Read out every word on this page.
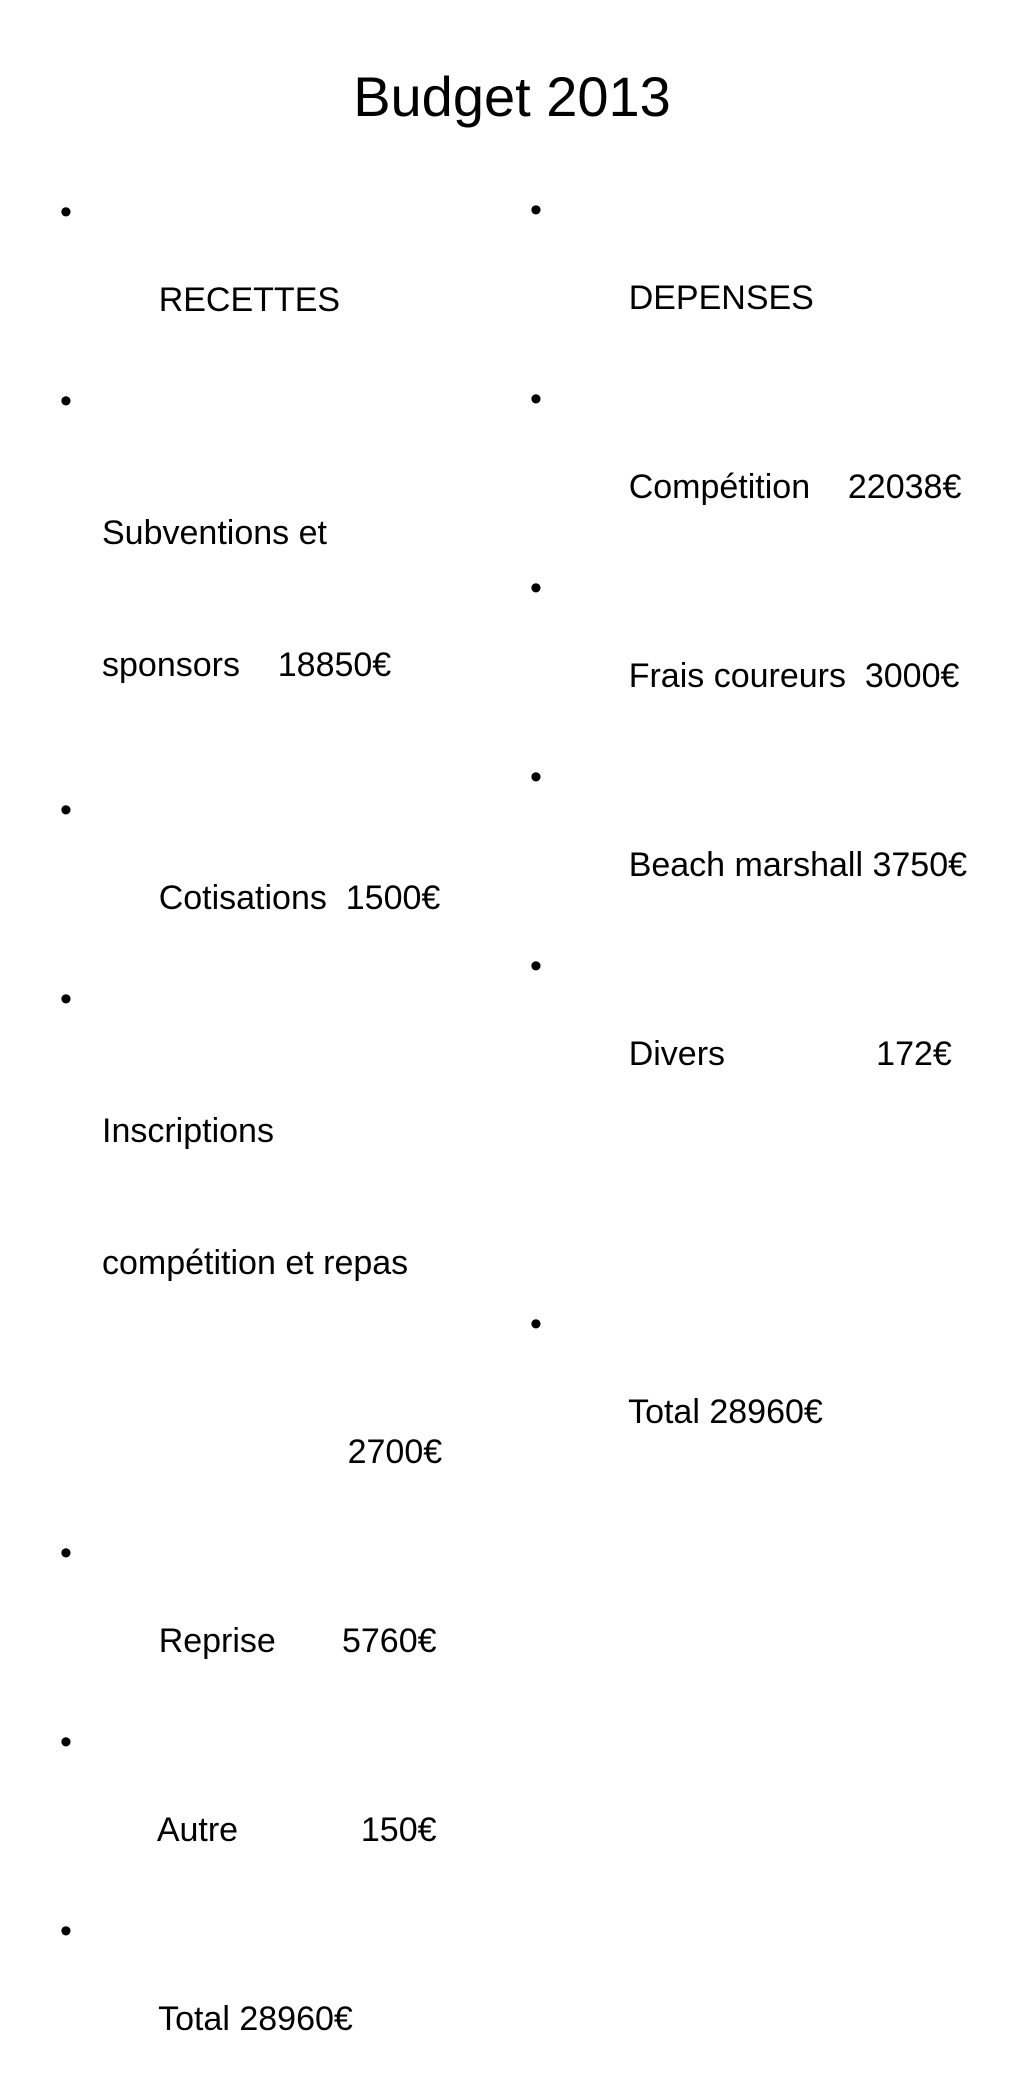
Budget 2013

•

RECETTES

•

Subventions et

sponsors    18850€

•

Cotisations  1500€

•

Inscriptions

compétition et repas

2700€

•

Reprise       5760€

•

Autre             150€

•

Total 28960€

•

DEPENSES

•

Compétition    22038€

•

Frais coureurs  3000€

•

Beach marshall 3750€

•

Divers                172€

•

Total 28960€
